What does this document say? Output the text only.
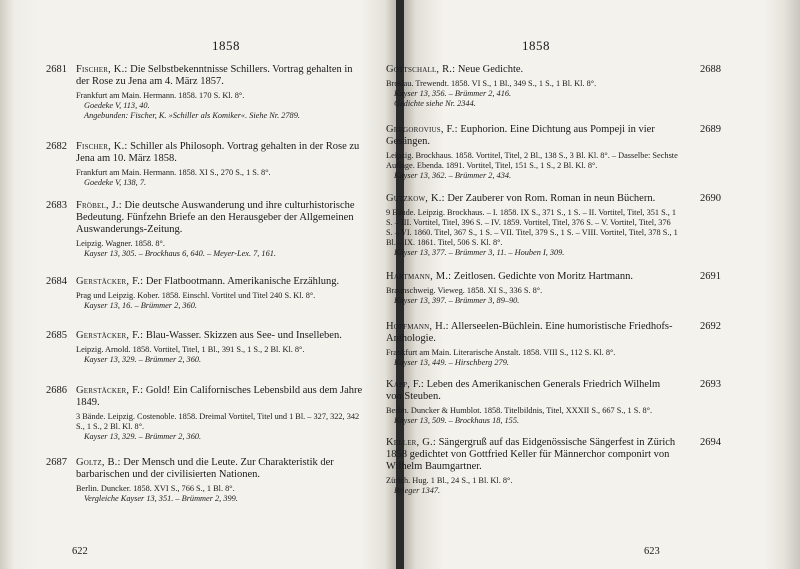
1858
2681 Fischer, K.: Die Selbstbekenntnisse Schillers. Vortrag gehalten in der Rose zu Jena am 4. März 1857.
Frankfurt am Main. Hermann. 1858. 170 S. Kl. 8°.
Goedeke V, 113, 40.
Angebunden: Fischer, K. »Schiller als Komiker«. Siehe Nr. 2789.
2682 Fischer, K.: Schiller als Philosoph. Vortrag gehalten in der Rose zu Jena am 10. März 1858.
Frankfurt am Main. Hermann. 1858. XI S., 270 S., 1 S. 8°.
Goedeke V, 138, 7.
2683 Fröbel, J.: Die deutsche Auswanderung und ihre culturhistorische Bedeutung. Fünfzehn Briefe an den Herausgeber der Allgemeinen Auswanderungs-Zeitung.
Leipzig. Wagner. 1858. 8°.
Kayser 13, 305. – Brockhaus 6, 640. – Meyer-Lex. 7, 161.
2684 Gerstäcker, F.: Der Flatbootmann. Amerikanische Erzählung.
Prag und Leipzig. Kober. 1858. Einschl. Vortitel und Titel 240 S. Kl. 8°.
Kayser 13, 16. – Brümmer 2, 360.
2685 Gerstäcker, F.: Blau-Wasser. Skizzen aus See- und Inselleben.
Leipzig. Arnold. 1858. Vortitel, Titel, 1 Bl., 391 S., 1 S., 2 Bl. Kl. 8°.
Kayser 13, 329. – Brümmer 2, 360.
2686 Gerstäcker, F.: Gold! Ein Californisches Lebensbild aus dem Jahre 1849.
3 Bände. Leipzig. Costenoble. 1858. Dreimal Vortitel, Titel und 1 Bl. – 327, 322, 342 S., 1 S., 2 Bl. Kl. 8°.
Kayser 13, 329. – Brümmer 2, 360.
2687 Goltz, B.: Der Mensch und die Leute. Zur Charakteristik der barbarischen und der civilisierten Nationen.
Berlin. Duncker. 1858. XVI S., 766 S., 1 Bl. 8°.
Vergleiche Kayser 13, 351. – Brümmer 2, 399.
622
1858
2688
Gottschall, R.: Neue Gedichte.
Breslau. Trewendt. 1858. VI S., 1 Bl., 349 S., 1 S., 1 Bl. Kl. 8°.
Kayser 13, 356. – Brümmer 2, 416.
Gedichte siehe Nr. 2344.
2689
Gregorovius, F.: Euphorion. Eine Dichtung aus Pompeji in vier Gesängen.
Leipzig. Brockhaus. 1858. Vortitel, Titel, 2 Bl., 138 S., 3 Bl. Kl. 8°. – Dasselbe: Sechste Auflage. Ebenda. 1891. Vortitel, Titel, 151 S., 1 S., 2 Bl. Kl. 8°.
Kayser 13, 362. – Brümmer 2, 434.
2690
Gutzkow, K.: Der Zauberer von Rom. Roman in neun Büchern.
9 Bände. Leipzig. Brockhaus. – I. 1858. IX S., 371 S., 1 S. – II. Vortitel, Titel, 351 S., 1 S. – III. Vortitel, Titel, 396 S. – IV. 1859. Vortitel, Titel, 376 S. – V. Vortitel, Titel, 376 S. – VI. 1860. Titel, 367 S., 1 S. – VII. Titel, 379 S., 1 S. – VIII. Vortitel, Titel, 378 S., 1 Bl. – IX. 1861. Titel, 506 S. Kl. 8°.
Kayser 13, 377. – Brümmer 3, 11. – Houben I, 309.
2691
Hartmann, M.: Zeitlosen. Gedichte von Moritz Hartmann.
Braunschweig. Vieweg. 1858. XI S., 336 S. 8°.
Kayser 13, 397. – Brümmer 3, 89–90.
2692
Hoffmann, H.: Allerseelen-Büchlein. Eine humoristische Friedhofs-Anthologie.
Frankfurt am Main. Literarische Anstalt. 1858. VIII S., 112 S. Kl. 8°.
Kayser 13, 449. – Hirschberg 279.
2693
Kapp, F.: Leben des Amerikanischen Generals Friedrich Wilhelm von Steuben.
Berlin. Duncker & Humblot. 1858. Titelbildnis, Titel, XXXII S., 667 S., 1 S. 8°.
Kayser 13, 509. – Brockhaus 18, 155.
2694
Keller, G.: Sängergruß auf das Eidgenössische Sängerfest in Zürich 1858 gedichtet von Gottfried Keller für Männerchor componirt von Wilhelm Baumgartner.
Zürich. Hug. 1 Bl., 24 S., 1 Bl. Kl. 8°.
Brieger 1347.
623
